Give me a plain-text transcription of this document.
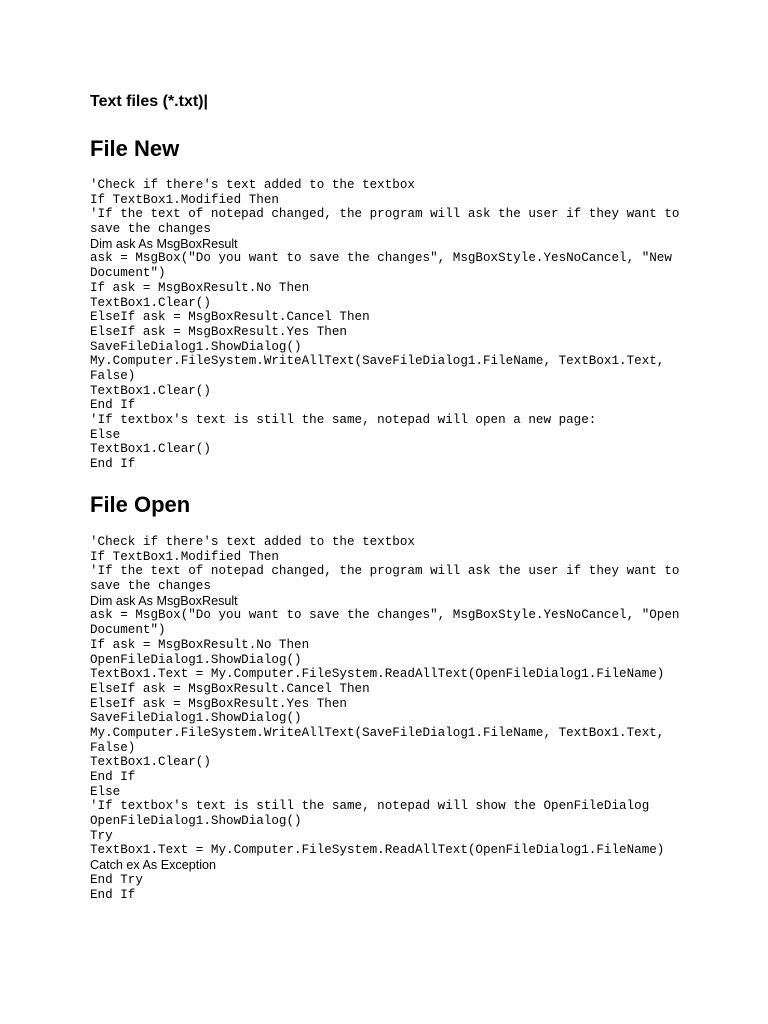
Text files (*.txt)|

File New
'Check if there's text added to the textbox
If TextBox1.Modified Then
'If the text of notepad changed, the program will ask the user if they want to
save the changes
Dim ask As MsgBoxResult
ask = MsgBox("Do you want to save the changes", MsgBoxStyle.YesNoCancel, "New
Document")
If ask = MsgBoxResult.No Then
TextBox1.Clear()
ElseIf ask = MsgBoxResult.Cancel Then
ElseIf ask = MsgBoxResult.Yes Then
SaveFileDialog1.ShowDialog()
My.Computer.FileSystem.WriteAllText(SaveFileDialog1.FileName, TextBox1.Text,
False)
TextBox1.Clear()
End If
'If textbox's text is still the same, notepad will open a new page:
Else
TextBox1.Clear()
End If
File Open
'Check if there's text added to the textbox
If TextBox1.Modified Then
'If the text of notepad changed, the program will ask the user if they want to
save the changes
Dim ask As MsgBoxResult
ask = MsgBox("Do you want to save the changes", MsgBoxStyle.YesNoCancel, "Open
Document")
If ask = MsgBoxResult.No Then
OpenFileDialog1.ShowDialog()
TextBox1.Text = My.Computer.FileSystem.ReadAllText(OpenFileDialog1.FileName)
ElseIf ask = MsgBoxResult.Cancel Then
ElseIf ask = MsgBoxResult.Yes Then
SaveFileDialog1.ShowDialog()
My.Computer.FileSystem.WriteAllText(SaveFileDialog1.FileName, TextBox1.Text,
False)
TextBox1.Clear()
End If
Else
'If textbox's text is still the same, notepad will show the OpenFileDialog
OpenFileDialog1.ShowDialog()
Try
TextBox1.Text = My.Computer.FileSystem.ReadAllText(OpenFileDialog1.FileName)
Catch ex As Exception
End Try
End If
